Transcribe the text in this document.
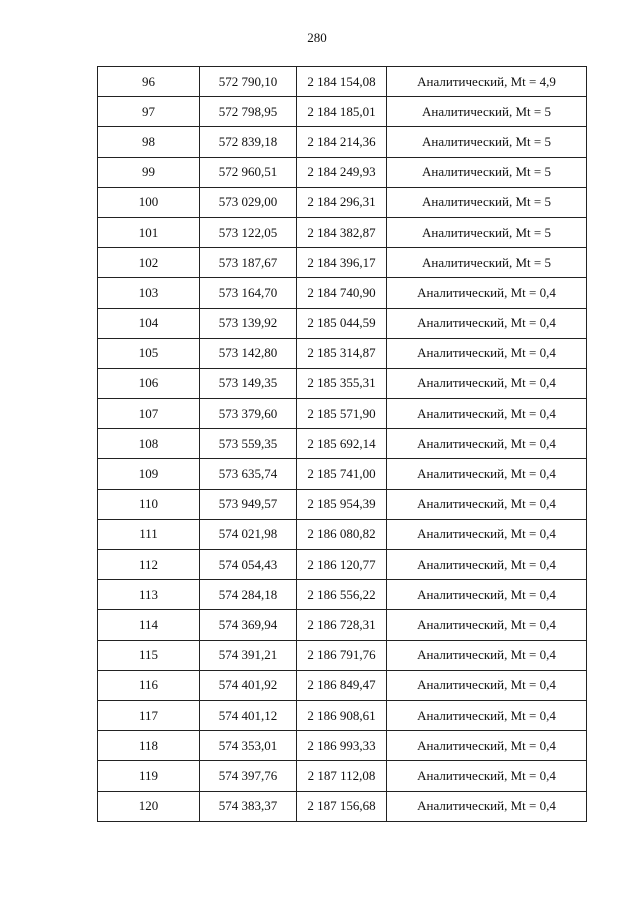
280
96	572 790,10	2 184 154,08	Аналитический, Mt = 4,9
97	572 798,95	2 184 185,01	Аналитический, Mt = 5
98	572 839,18	2 184 214,36	Аналитический, Mt = 5
99	572 960,51	2 184 249,93	Аналитический, Mt = 5
100	573 029,00	2 184 296,31	Аналитический, Mt = 5
101	573 122,05	2 184 382,87	Аналитический, Mt = 5
102	573 187,67	2 184 396,17	Аналитический, Mt = 5
103	573 164,70	2 184 740,90	Аналитический, Mt = 0,4
104	573 139,92	2 185 044,59	Аналитический, Mt = 0,4
105	573 142,80	2 185 314,87	Аналитический, Mt = 0,4
106	573 149,35	2 185 355,31	Аналитический, Mt = 0,4
107	573 379,60	2 185 571,90	Аналитический, Mt = 0,4
108	573 559,35	2 185 692,14	Аналитический, Mt = 0,4
109	573 635,74	2 185 741,00	Аналитический, Mt = 0,4
110	573 949,57	2 185 954,39	Аналитический, Mt = 0,4
111	574 021,98	2 186 080,82	Аналитический, Mt = 0,4
112	574 054,43	2 186 120,77	Аналитический, Mt = 0,4
113	574 284,18	2 186 556,22	Аналитический, Mt = 0,4
114	574 369,94	2 186 728,31	Аналитический, Mt = 0,4
115	574 391,21	2 186 791,76	Аналитический, Mt = 0,4
116	574 401,92	2 186 849,47	Аналитический, Mt = 0,4
117	574 401,12	2 186 908,61	Аналитический, Mt = 0,4
118	574 353,01	2 186 993,33	Аналитический, Mt = 0,4
119	574 397,76	2 187 112,08	Аналитический, Mt = 0,4
120	574 383,37	2 187 156,68	Аналитический, Mt = 0,4
